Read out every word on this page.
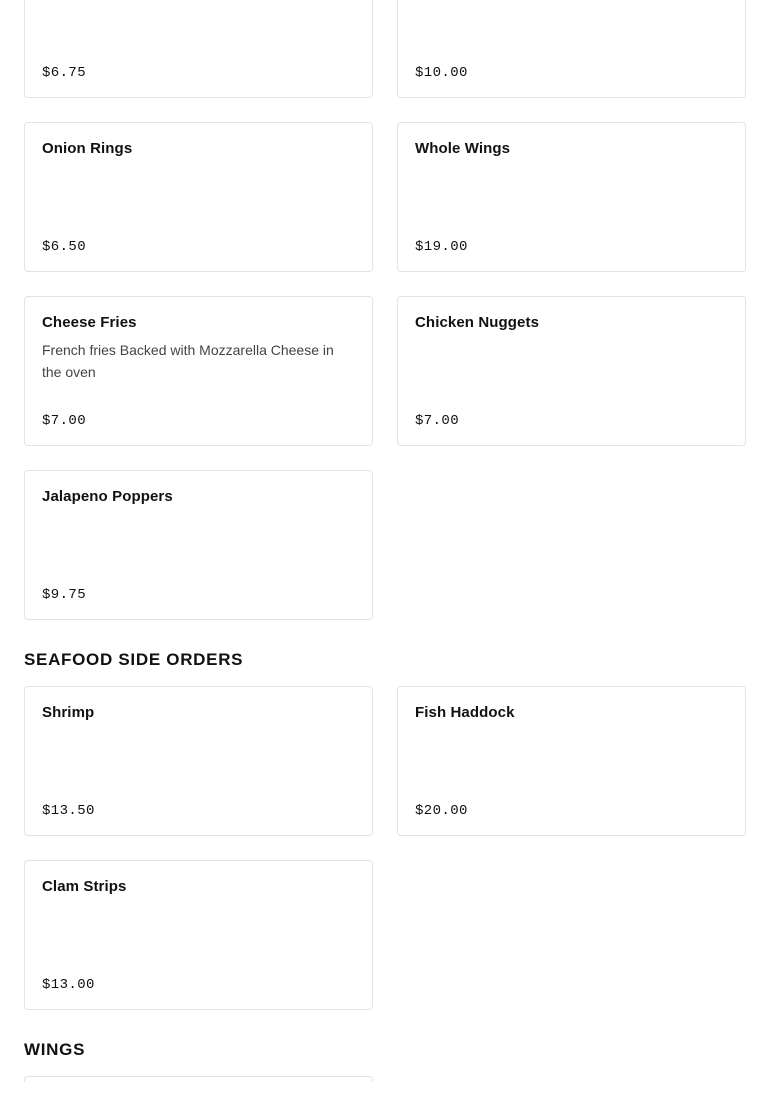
$6.75	$10.00
Onion Rings
$6.50
Whole Wings
$19.00
Cheese Fries
French fries Backed with Mozzarella Cheese in the oven
$7.00
Chicken Nuggets
$7.00
Jalapeno Poppers
$9.75
SEAFOOD SIDE ORDERS
Shrimp
$13.50
Fish Haddock
$20.00
Clam Strips
$13.00
WINGS
